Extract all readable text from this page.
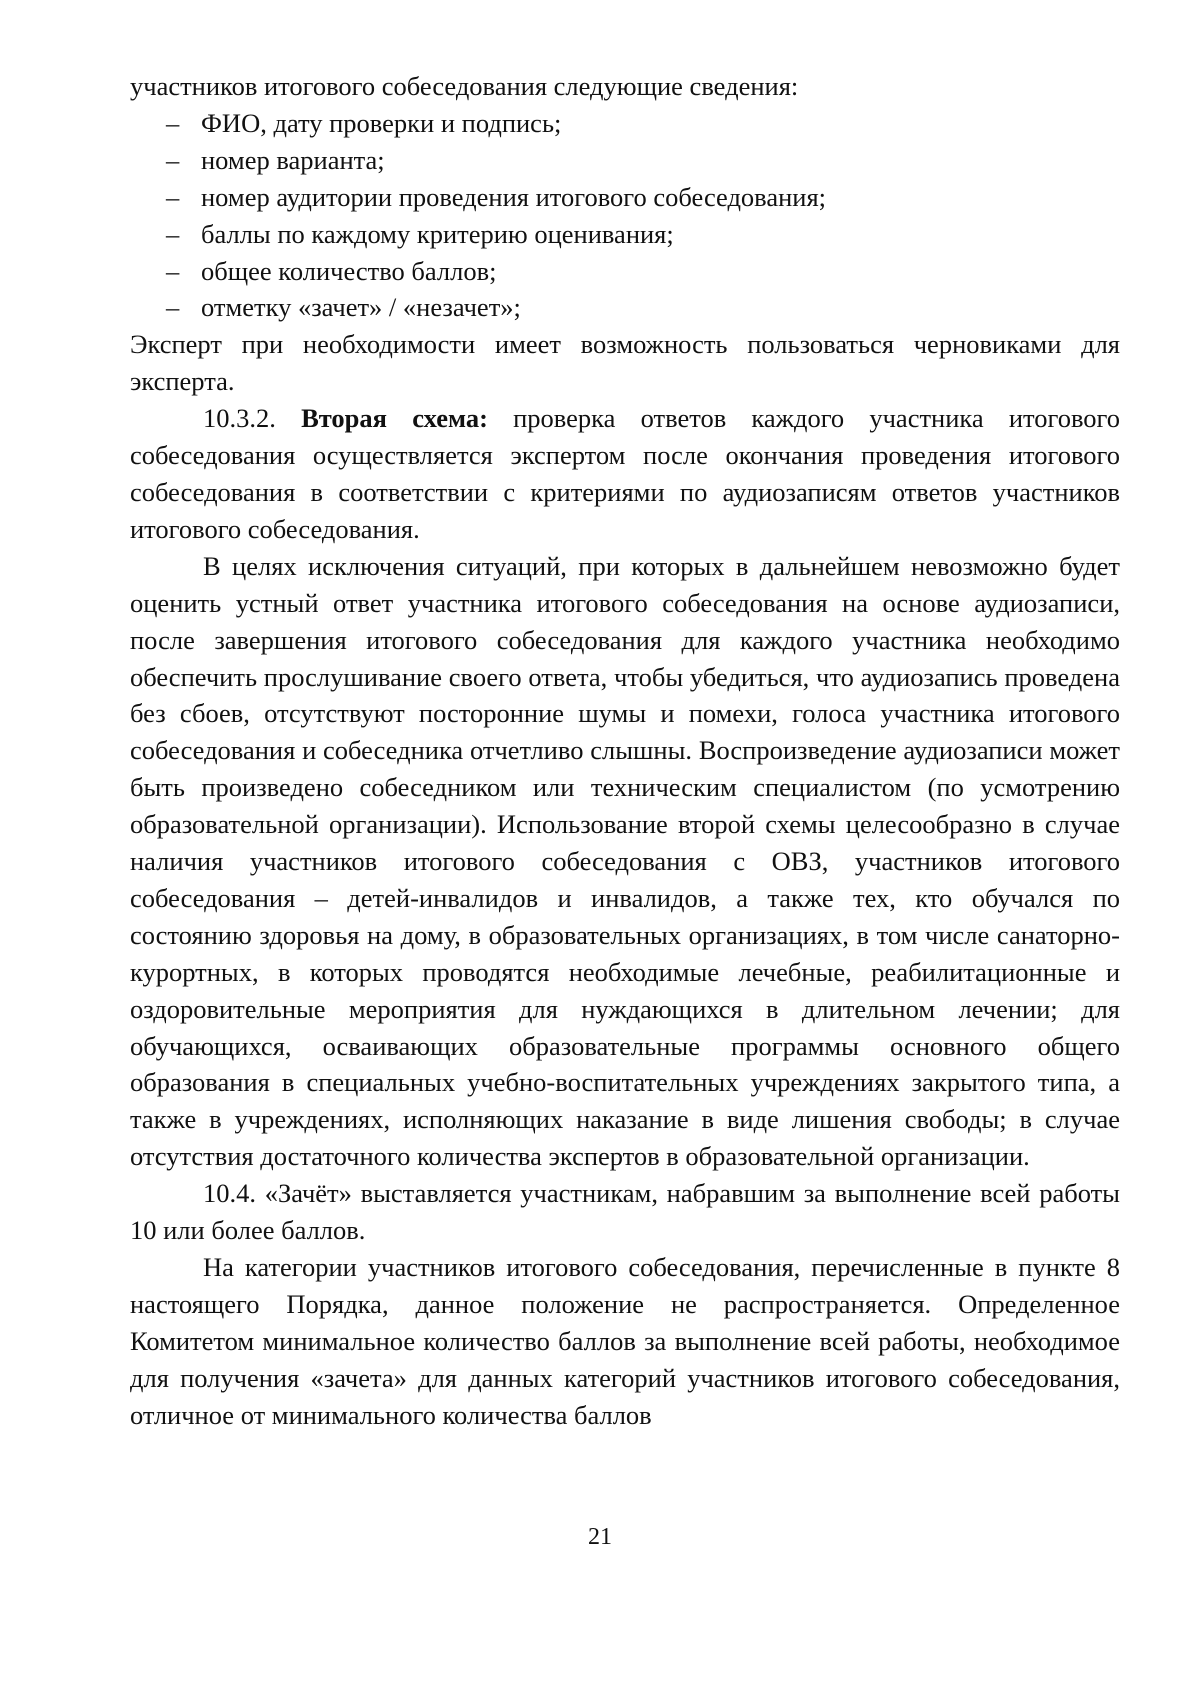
участников итогового собеседования следующие сведения:

– ФИО, дату проверки и подпись;
– номер варианта;
– номер аудитории проведения итогового собеседования;
– баллы по каждому критерию оценивания;
– общее количество баллов;
– отметку «зачет» / «незачет»;

Эксперт при необходимости имеет возможность пользоваться черновиками для эксперта.

10.3.2. Вторая схема: проверка ответов каждого участника итогового собеседования осуществляется экспертом после окончания проведения итогового собеседования в соответствии с критериями по аудиозаписям ответов участников итогового собеседования.

В целях исключения ситуаций, при которых в дальнейшем невозможно будет оценить устный ответ участника итогового собеседования на основе аудиозаписи, после завершения итогового собеседования для каждого участника необходимо обеспечить прослушивание своего ответа, чтобы убедиться, что аудиозапись проведена без сбоев, отсутствуют посторонние шумы и помехи, голоса участника итогового собеседования и собеседника отчетливо слышны. Воспроизведение аудиозаписи может быть произведено собеседником или техническим специалистом (по усмотрению образовательной организации). Использование второй схемы целесообразно в случае наличия участников итогового собеседования с ОВЗ, участников итогового собеседования – детей-инвалидов и инвалидов, а также тех, кто обучался по состоянию здоровья на дому, в образовательных организациях, в том числе санаторно-курортных, в которых проводятся необходимые лечебные, реабилитационные и оздоровительные мероприятия для нуждающихся в длительном лечении; для обучающихся, осваивающих образовательные программы основного общего образования в специальных учебно-воспитательных учреждениях закрытого типа, а также в учреждениях, исполняющих наказание в виде лишения свободы; в случае отсутствия достаточного количества экспертов в образовательной организации.

10.4. «Зачёт» выставляется участникам, набравшим за выполнение всей работы 10 или более баллов.

На категории участников итогового собеседования, перечисленные в пункте 8 настоящего Порядка, данное положение не распространяется. Определенное Комитетом минимальное количество баллов за выполнение всей работы, необходимое для получения «зачета» для данных категорий участников итогового собеседования, отличное от минимального количества баллов

21
